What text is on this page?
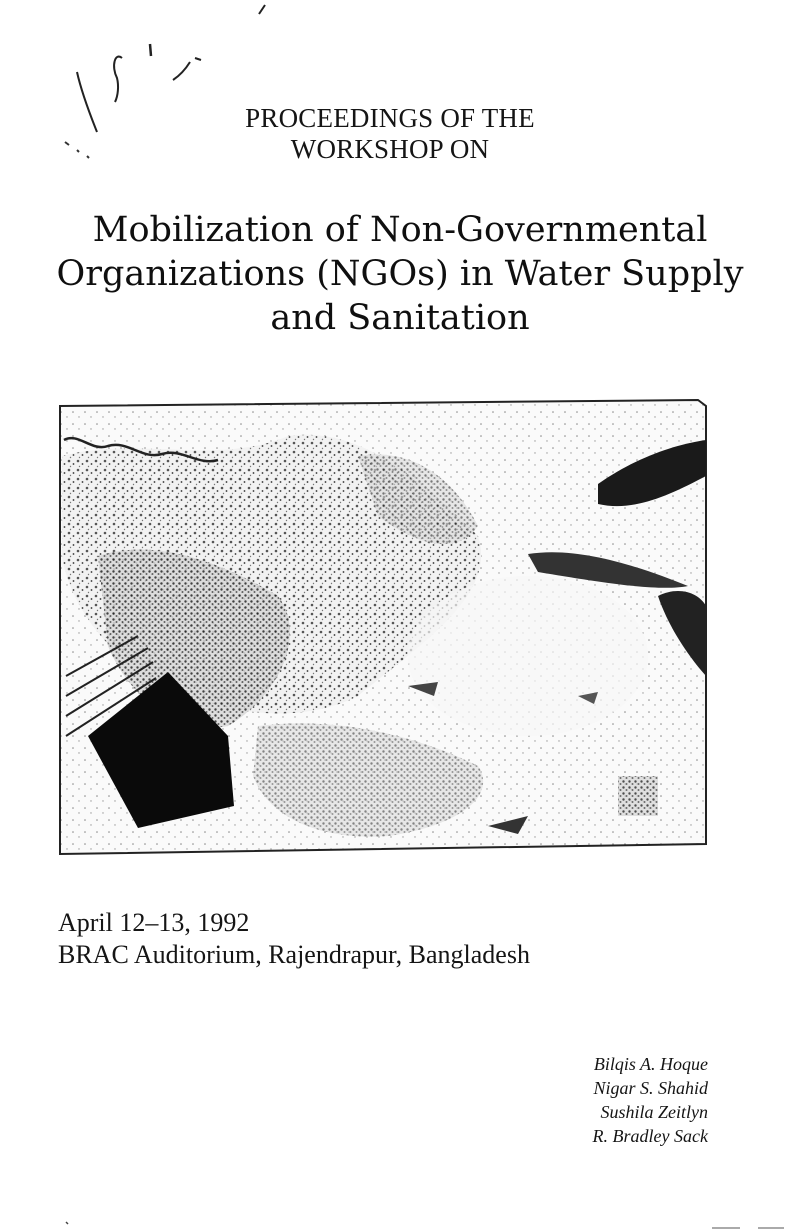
PROCEEDINGS OF THE
WORKSHOP ON
Mobilization of Non-Governmental
Organizations (NGOs) in Water Supply
and Sanitation
April 12–13, 1992
BRAC Auditorium, Rajendrapur, Bangladesh
Bilqis A. Hoque
Nigar S. Shahid
Sushila Zeitlyn
R. Bradley Sack
